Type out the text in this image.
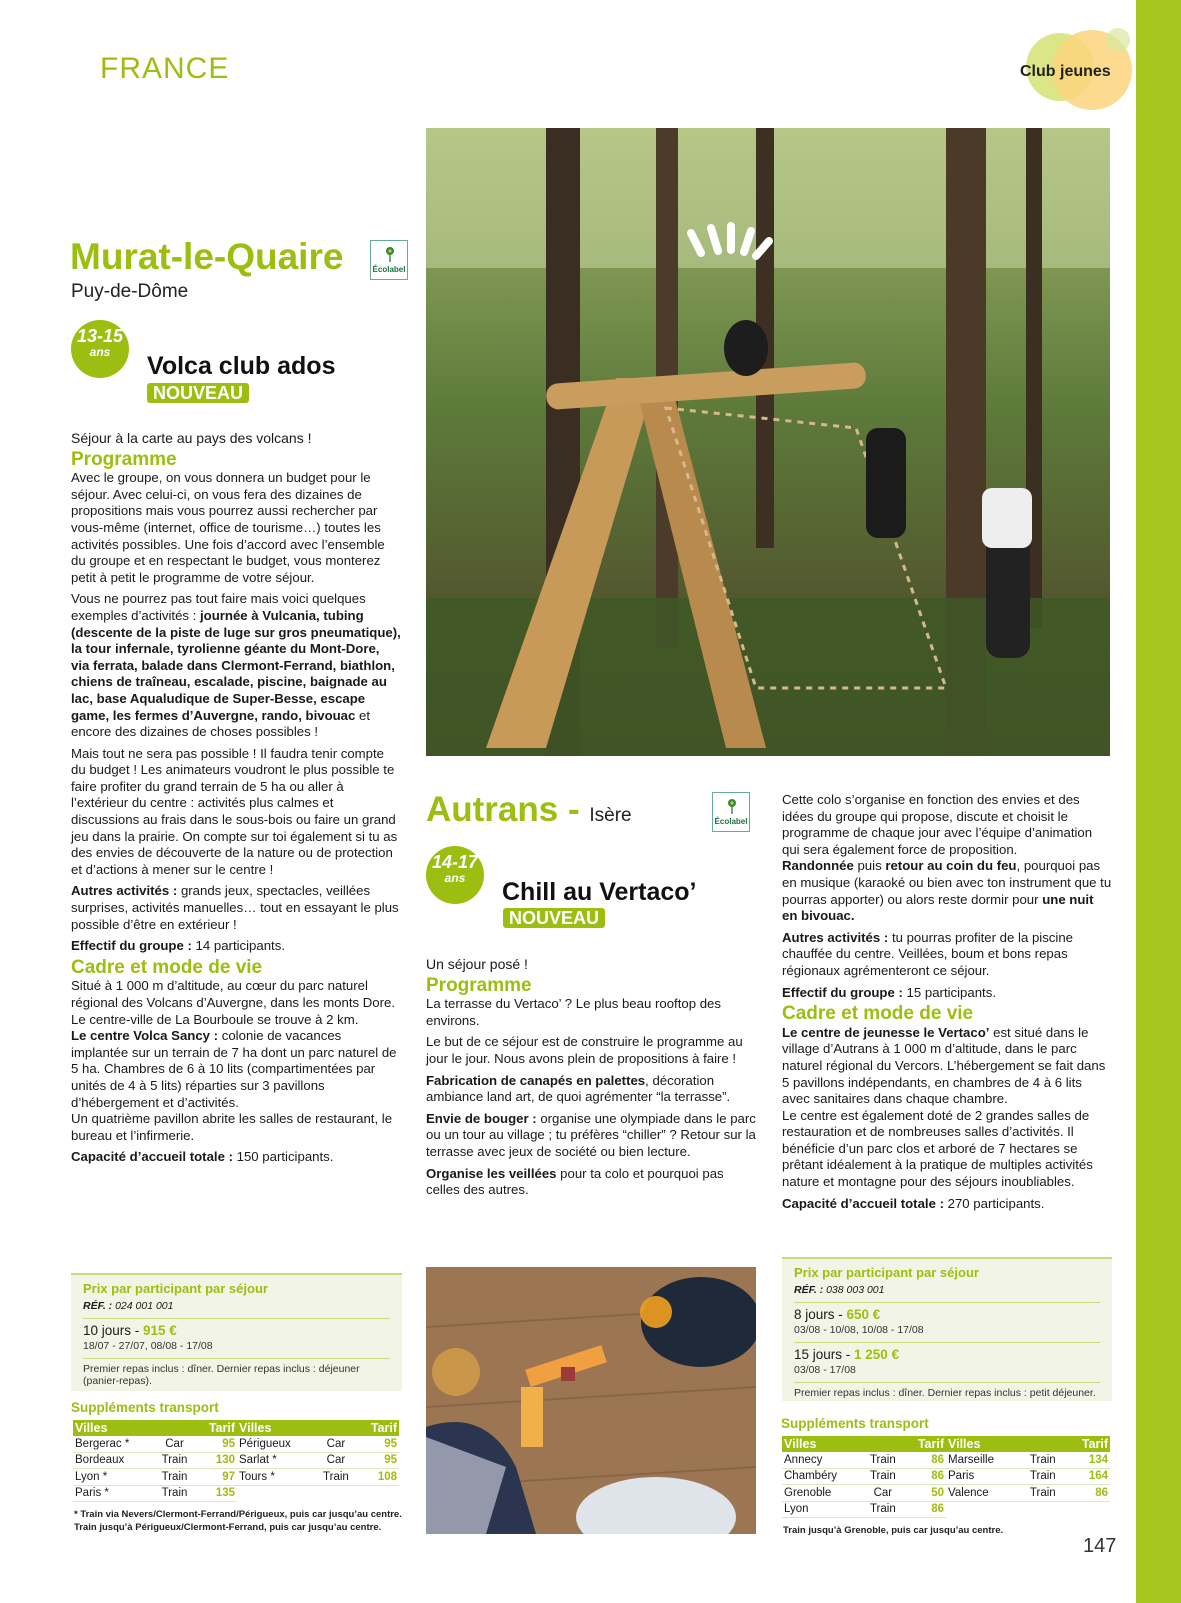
FRANCE	Club jeunes
Murat-le-Quaire
Puy-de-Dôme
Écolabel
13-15
ans	Volca club ados
NOUVEAU

Séjour à la carte au pays des volcans !

Programme

Avec le groupe, on vous donnera un budget pour le séjour. Avec celui-ci, on vous fera des dizaines de propositions mais vous pourrez aussi rechercher par vous-même (internet, office de tourisme…) toutes les activités possibles. Une fois d’accord avec l’ensemble du groupe et en respectant le budget, vous monterez petit à petit le programme de votre séjour.

Vous ne pourrez pas tout faire mais voici quelques exemples d’activités : journée à Vulcania, tubing (descente de la piste de luge sur gros pneumatique), la tour infernale, tyrolienne géante du Mont-Dore, via ferrata, balade dans Clermont-Ferrand, biathlon, chiens de traîneau, escalade, piscine, baignade au lac, base Aqualudique de Super-Besse, escape game, les fermes d’Auvergne, rando, bivouac et encore des dizaines de choses possibles !

Mais tout ne sera pas possible ! Il faudra tenir compte du budget ! Les animateurs voudront le plus possible te faire profiter du grand terrain de 5 ha ou aller à l’extérieur du centre : activités plus calmes et discussions au frais dans le sous-bois ou faire un grand jeu dans la prairie. On compte sur toi également si tu as des envies de découverte de la nature ou de protection et d’actions à mener sur le centre !

Autres activités : grands jeux, spectacles, veillées surprises, activités manuelles… tout en essayant le plus possible d’être en extérieur !

Effectif du groupe : 14 participants.

Cadre et mode de vie

Situé à 1 000 m d’altitude, au cœur du parc naturel régional des Volcans d’Auvergne, dans les monts Dore. Le centre-ville de La Bourboule se trouve à 2 km.

Le centre Volca Sancy : colonie de vacances implantée sur un terrain de 7 ha dont un parc naturel de 5 ha. Chambres de 6 à 10 lits (compartimentées par unités de 4 à 5 lits) réparties sur 3 pavillons d’hébergement et d’activités.

Un quatrième pavillon abrite les salles de restaurant, le bureau et l’infirmerie.

Capacité d’accueil totale : 150 participants.

Prix par participant par séjour
RÉF. : 024 001 001
10 jours - 915 €
18/07 - 27/07, 08/08 - 17/08
Premier repas inclus : dîner. Dernier repas inclus : déjeuner (panier-repas).
Suppléments transport
Villes		Tarif
Bergerac *	Car	95
Bordeaux	Train	130
Lyon *	Train	97
Paris *	Train	135
Villes		Tarif
Périgueux	Car	95
Sarlat *	Car	95
Tours *	Train	108
* Train via Nevers/Clermont-Ferrand/Périgueux, puis car jusqu’au centre.
Train jusqu’à Périgueux/Clermont-Ferrand, puis car jusqu’au centre.
Autrans - Isère	Écolabel
14-17
ans	Chill au Vertaco’
NOUVEAU

Un séjour posé !

Programme

La terrasse du Vertaco’ ? Le plus beau rooftop des environs.

Le but de ce séjour est de construire le programme au jour le jour. Nous avons plein de propositions à faire !

Fabrication de canapés en palettes, décoration ambiance land art, de quoi agrémenter “la terrasse”.

Envie de bouger : organise une olympiade dans le parc ou un tour au village ; tu préfères “chiller” ? Retour sur la terrasse avec jeux de société ou bien lecture.

Organise les veillées pour ta colo et pourquoi pas celles des autres.

Cette colo s’organise en fonction des envies et des idées du groupe qui propose, discute et choisit le programme de chaque jour avec l’équipe d’animation qui sera également force de proposition.

Randonnée puis retour au coin du feu, pourquoi pas en musique (karaoké ou bien avec ton instrument que tu pourras apporter) ou alors reste dormir pour une nuit en bivouac.

Autres activités : tu pourras profiter de la piscine chauffée du centre. Veillées, boum et bons repas régionaux agrémenteront ce séjour.

Effectif du groupe : 15 participants.

Cadre et mode de vie

Le centre de jeunesse le Vertaco’ est situé dans le village d’Autrans à 1 000 m d’altitude, dans le parc naturel régional du Vercors. L’hébergement se fait dans 5 pavillons indépendants, en chambres de 4 à 6 lits avec sanitaires dans chaque chambre.

Le centre est également doté de 2 grandes salles de restauration et de nombreuses salles d’activités. Il bénéficie d’un parc clos et arboré de 7 hectares se prêtant idéalement à la pratique de multiples activités nature et montagne pour des séjours inoubliables.

Capacité d’accueil totale : 270 participants.

Prix par participant par séjour
RÉF. : 038 003 001
8 jours - 650 €
03/08 - 10/08, 10/08 - 17/08
15 jours - 1 250 €
03/08 - 17/08
Premier repas inclus : dîner. Dernier repas inclus : petit déjeuner.
Suppléments transport
Villes		Tarif
Annecy	Train	86
Chambéry	Train	86
Grenoble	Car	50
Lyon	Train	86
Villes		Tarif
Marseille	Train	134
Paris	Train	164
Valence	Train	86
Train jusqu’à Grenoble, puis car jusqu’au centre.
147
